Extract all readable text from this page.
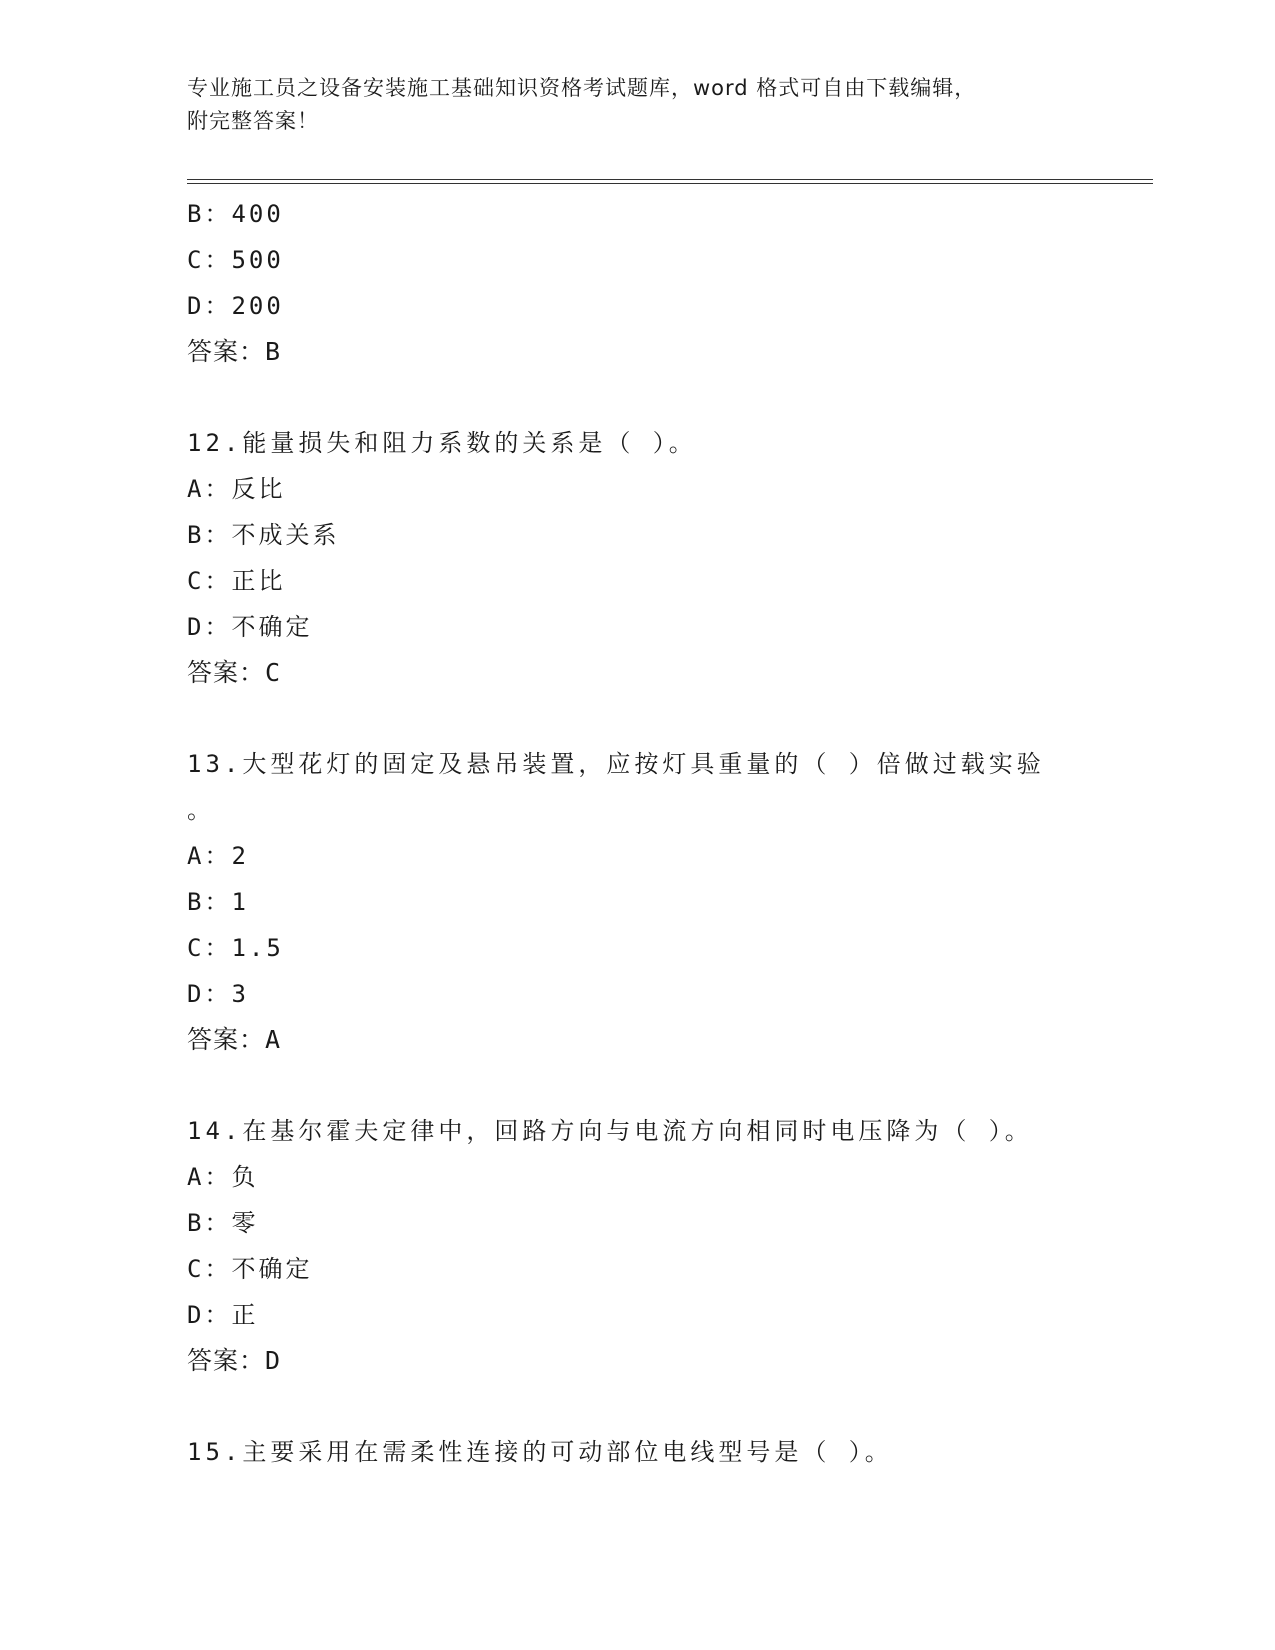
专业施工员之设备安装施工基础知识资格考试题库，word 格式可自由下载编辑，
附完整答案！
B：400
C：500
D：200
答案：B
12.能量损失和阻力系数的关系是（ ）。
A：反比
B：不成关系
C：正比
D：不确定
答案：C
13.大型花灯的固定及悬吊装置，应按灯具重量的（ ）倍做过载实验
。
A：2
B：1
C：1.5
D：3
答案：A
14.在基尔霍夫定律中，回路方向与电流方向相同时电压降为（ ）。
A：负
B：零
C：不确定
D：正
答案：D
15.主要采用在需柔性连接的可动部位电线型号是（ ）。
